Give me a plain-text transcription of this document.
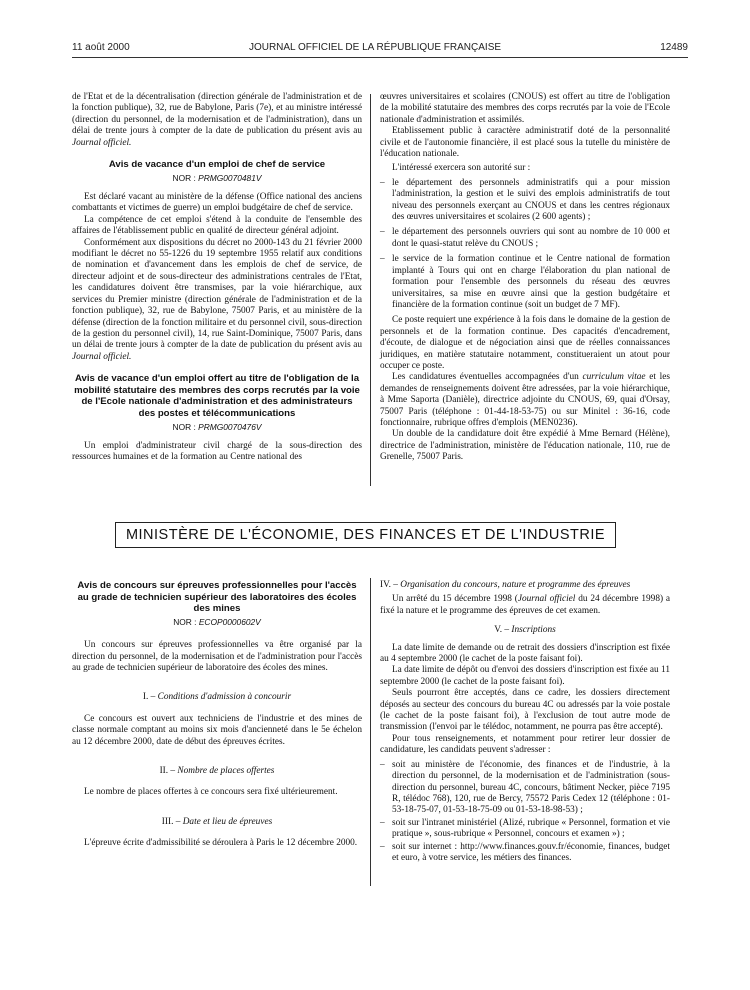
11 août 2000	JOURNAL OFFICIEL DE LA RÉPUBLIQUE FRANÇAISE	12489

de l'Etat et de la décentralisation (direction générale de l'administration et de la fonction publique), 32, rue de Babylone, Paris (7e), et au ministre intéressé (direction du personnel, de la modernisation et de l'administration), dans un délai de trente jours à compter de la date de publication du présent avis au Journal officiel.

Avis de vacance d'un emploi de chef de service

NOR : PRMG0070481V

Est déclaré vacant au ministère de la défense (Office national des anciens combattants et victimes de guerre) un emploi budgétaire de chef de service.

La compétence de cet emploi s'étend à la conduite de l'ensemble des affaires de l'établissement public en qualité de directeur général adjoint.

Conformément aux dispositions du décret no 2000-143 du 21 février 2000 modifiant le décret no 55-1226 du 19 septembre 1955 relatif aux conditions de nomination et d'avancement dans les emplois de chef de service, de directeur adjoint et de sous-directeur des administrations centrales de l'Etat, les candidatures doivent être transmises, par la voie hiérarchique, aux services du Premier ministre (direction générale de l'administration et de la fonction publique), 32, rue de Babylone, 75007 Paris, et au ministère de la défense (direction de la fonction militaire et du personnel civil, sous-direction de la gestion du personnel civil), 14, rue Saint-Dominique, 75007 Paris, dans un délai de trente jours à compter de la date de publication du présent avis au Journal officiel.

Avis de vacance d'un emploi offert au titre de l'obligation de la mobilité statutaire des membres des corps recrutés par la voie de l'Ecole nationale d'administration et des administrateurs des postes et télécommunications

NOR : PRMG0070476V

Un emploi d'administrateur civil chargé de la sous-direction des ressources humaines et de la formation au Centre national des

œuvres universitaires et scolaires (CNOUS) est offert au titre de l'obligation de la mobilité statutaire des membres des corps recrutés par la voie de l'Ecole nationale d'administration et assimilés.

Etablissement public à caractère administratif doté de la personnalité civile et de l'autonomie financière, il est placé sous la tutelle du ministère de l'éducation nationale.

L'intéressé exercera son autorité sur :

– le département des personnels administratifs qui a pour mission l'administration, la gestion et le suivi des emplois administratifs de tout niveau des personnels exerçant au CNOUS et dans les centres régionaux des œuvres universitaires et scolaires (2 600 agents) ;
– le département des personnels ouvriers qui sont au nombre de 10 000 et dont le quasi-statut relève du CNOUS ;
– le service de la formation continue et le Centre national de formation implanté à Tours qui ont en charge l'élaboration du plan national de formation pour l'ensemble des personnels du réseau des œuvres universitaires, sa mise en œuvre ainsi que la gestion budgétaire et financière de la formation continue (soit un budget de 7 MF).

Ce poste requiert une expérience à la fois dans le domaine de la gestion de personnels et de la formation continue. Des capacités d'encadrement, d'écoute, de dialogue et de négociation ainsi que de réelles connaissances juridiques, en matière statutaire notamment, constitueraient un atout pour occuper ce poste.

Les candidatures éventuelles accompagnées d'un curriculum vitae et les demandes de renseignements doivent être adressées, par la voie hiérarchique, à Mme Saporta (Danièle), directrice adjointe du CNOUS, 69, quai d'Orsay, 75007 Paris (téléphone : 01-44-18-53-75) ou sur Minitel : 36-16, code fonctionnaire, rubrique offres d'emplois (MEN0236).

Un double de la candidature doit être expédié à Mme Bernard (Hélène), directrice de l'administration, ministère de l'éducation nationale, 110, rue de Grenelle, 75007 Paris.

MINISTÈRE DE L'ÉCONOMIE, DES FINANCES ET DE L'INDUSTRIE

Avis de concours sur épreuves professionnelles pour l'accès au grade de technicien supérieur des laboratoires des écoles des mines

NOR : ECOP0000602V

Un concours sur épreuves professionnelles va être organisé par la direction du personnel, de la modernisation et de l'administration pour l'accès au grade de technicien supérieur de laboratoire des écoles des mines.

I. – Conditions d'admission à concourir

Ce concours est ouvert aux techniciens de l'industrie et des mines de classe normale comptant au moins six mois d'ancienneté dans le 5e échelon au 12 décembre 2000, date de début des épreuves écrites.

II. – Nombre de places offertes

Le nombre de places offertes à ce concours sera fixé ultérieurement.

III. – Date et lieu de épreuves

L'épreuve écrite d'admissibilité se déroulera à Paris le 12 décembre 2000.

IV. – Organisation du concours, nature et programme des épreuves

Un arrêté du 15 décembre 1998 (Journal officiel du 24 décembre 1998) a fixé la nature et le programme des épreuves de cet examen.

V. – Inscriptions

La date limite de demande ou de retrait des dossiers d'inscription est fixée au 4 septembre 2000 (le cachet de la poste faisant foi).

La date limite de dépôt ou d'envoi des dossiers d'inscription est fixée au 11 septembre 2000 (le cachet de la poste faisant foi).

Seuls pourront être acceptés, dans ce cadre, les dossiers directement déposés au secteur des concours du bureau 4C ou adressés par la voie postale (le cachet de la poste faisant foi), à l'exclusion de tout autre mode de transmission (l'envoi par le télédoc, notamment, ne pourra pas être accepté).

Pour tous renseignements, et notamment pour retirer leur dossier de candidature, les candidats peuvent s'adresser :

– soit au ministère de l'économie, des finances et de l'industrie, à la direction du personnel, de la modernisation et de l'administration (sous-direction du personnel, bureau 4C, concours, bâtiment Necker, pièce 7195 R, télédoc 768), 120, rue de Bercy, 75572 Paris Cedex 12 (téléphone : 01-53-18-75-07, 01-53-18-75-09 ou 01-53-18-98-53) ;
– soit sur l'intranet ministériel (Alizé, rubrique « Personnel, formation et vie pratique », sous-rubrique « Personnel, concours et examen ») ;
– soit sur internet : http://www.finances.gouv.fr/économie, finances, budget et euro, à votre service, les métiers des finances.
